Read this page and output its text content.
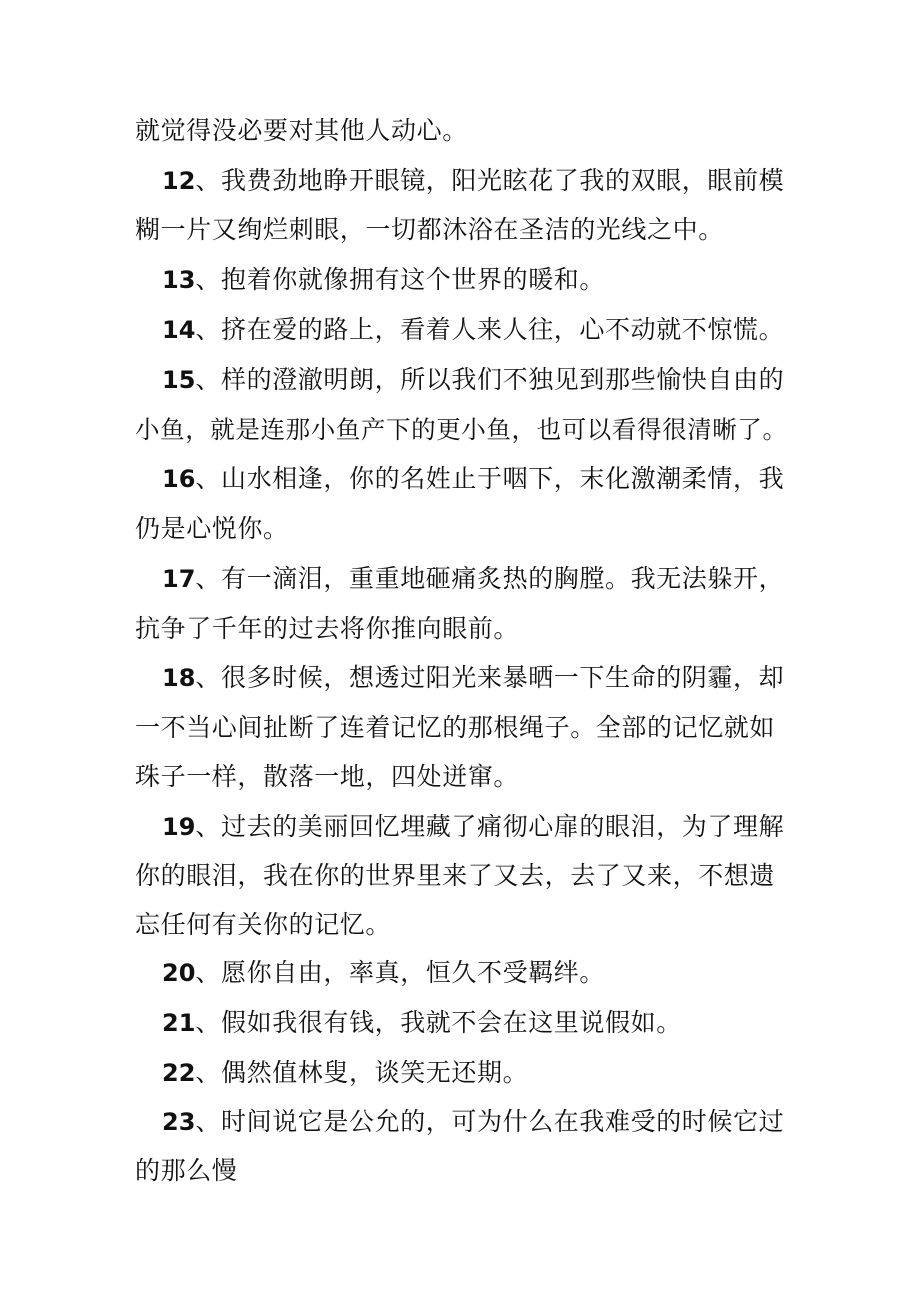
就觉得没必要对其他人动心。
12、我费劲地睁开眼镜，阳光眩花了我的双眼，眼前模
糊一片又绚烂刺眼，一切都沐浴在圣洁的光线之中。
13、抱着你就像拥有这个世界的暖和。
14、挤在爱的路上，看着人来人往，心不动就不惊慌。
15、样的澄澈明朗，所以我们不独见到那些愉快自由的
小鱼，就是连那小鱼产下的更小鱼，也可以看得很清晰了。
16、山水相逢，你的名姓止于咽下，末化激潮柔情，我
仍是心悦你。
17、有一滴泪，重重地砸痛炙热的胸膛。我无法躲开，
抗争了千年的过去将你推向眼前。
18、很多时候，想透过阳光来暴晒一下生命的阴霾，却
一不当心间扯断了连着记忆的那根绳子。全部的记忆就如
珠子一样，散落一地，四处迸窜。
19、过去的美丽回忆埋藏了痛彻心扉的眼泪，为了理解
你的眼泪，我在你的世界里来了又去，去了又来，不想遗
忘任何有关你的记忆。
20、愿你自由，率真，恒久不受羁绊。
21、假如我很有钱，我就不会在这里说假如。
22、偶然值林叟，谈笑无还期。
23、时间说它是公允的，可为什么在我难受的时候它过
的那么慢
